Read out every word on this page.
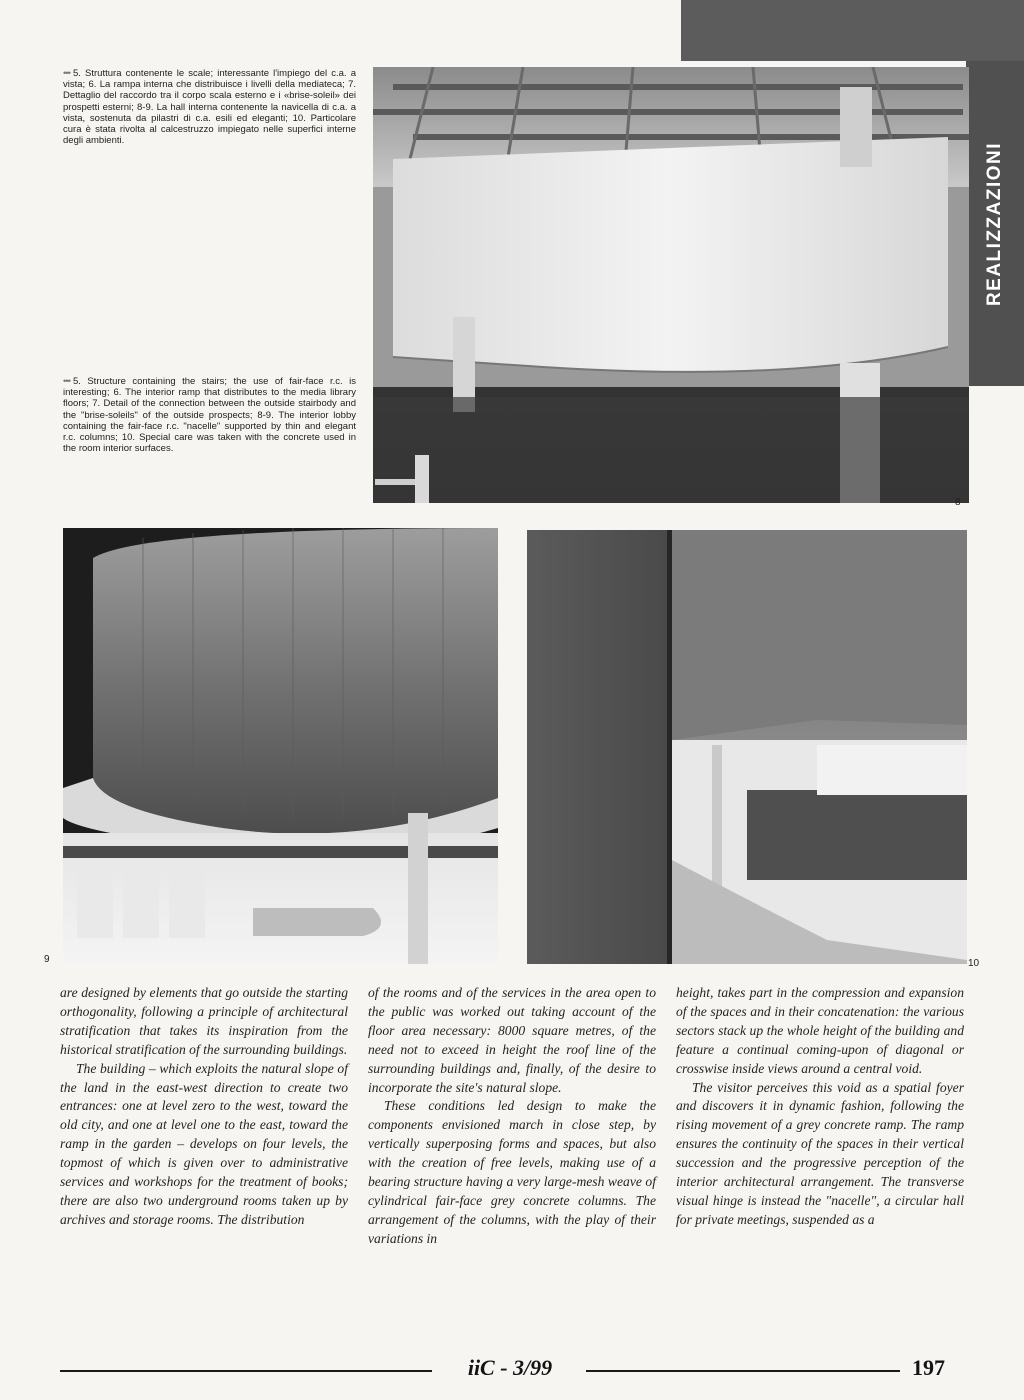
REALIZZAZIONI
••• 5. Struttura contenente le scale; interessante l'impiego del c.a. a vista; 6. La rampa interna che distribuisce i livelli della mediateca; 7. Dettaglio del raccordo tra il corpo scala esterno e i «brise-soleil» dei prospetti esterni; 8-9. La hall interna contenente la navicella di c.a. a vista, sostenuta da pilastri di c.a. esili ed eleganti; 10. Particolare cura è stata rivolta al calcestruzzo impiegato nelle superfici interne degli ambienti.
••• 5. Structure containing the stairs; the use of fair-face r.c. is interesting; 6. The interior ramp that distributes to the media library floors; 7. Detail of the connection between the outside stairbody and the "brise-soleils" of the outside prospects; 8-9. The interior lobby containing the fair-face r.c. "nacelle" supported by thin and elegant r.c. columns; 10. Special care was taken with the concrete used in the room interior surfaces.
8
9	10

are designed by elements that go outside the starting orthogonality, following a principle of architectural stratification that takes its inspiration from the historical stratification of the surrounding buildings.

The building – which exploits the natural slope of the land in the east-west direction to create two entrances: one at level zero to the west, toward the old city, and one at level one to the east, toward the ramp in the garden – develops on four levels, the topmost of which is given over to administrative services and workshops for the treatment of books; there are also two underground rooms taken up by archives and storage rooms. The distribution

of the rooms and of the services in the area open to the public was worked out taking account of the floor area necessary: 8000 square metres, of the need not to exceed in height the roof line of the surrounding buildings and, finally, of the desire to incorporate the site's natural slope.

These conditions led design to make the components envisioned march in close step, by vertically superposing forms and spaces, but also with the creation of free levels, making use of a bearing structure having a very large-mesh weave of cylindrical fair-face grey concrete columns. The arrangement of the columns, with the play of their variations in

height, takes part in the compression and expansion of the spaces and in their concatenation: the various sectors stack up the whole height of the building and feature a continual coming-upon of diagonal or crosswise inside views around a central void.

The visitor perceives this void as a spatial foyer and discovers it in dynamic fashion, following the rising movement of a grey concrete ramp. The ramp ensures the continuity of the spaces in their vertical succession and the progressive perception of the interior architectural arrangement. The transverse visual hinge is instead the "nacelle", a circular hall for private meetings, suspended as a

iiC - 3/99	197
